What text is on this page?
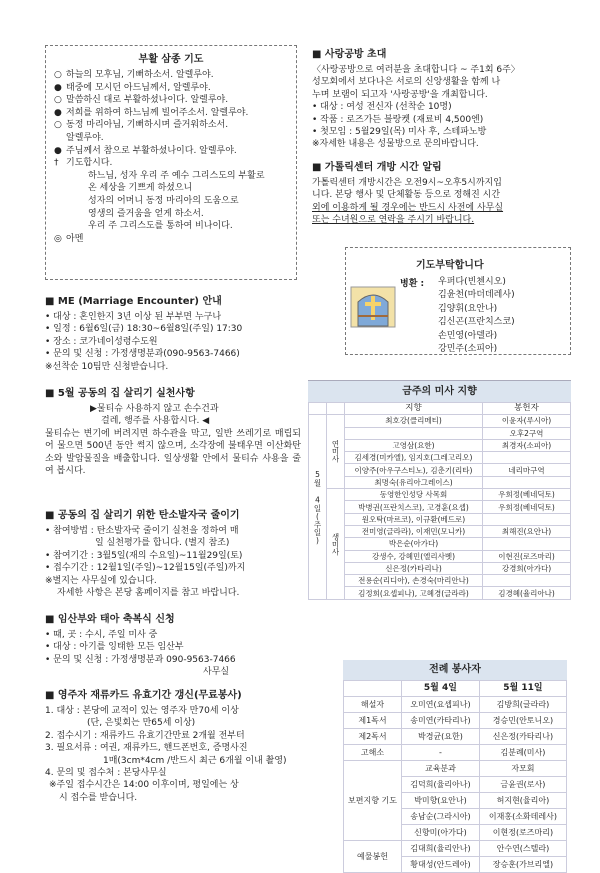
부활 삼종 기도
○ 하늘의 모후님, 기뻐하소서. 알렐루야.
● 태중에 모시던 아드님께서, 알렐루야.
○ 말씀하신 대로 부활하셨나이다. 알렐루야.
● 저희를 위하여 하느님께 빌어주소서. 알렐루야.
○ 동정 마리아님, 기뻐하시며 즐거워하소서.
알렐루야.
● 주님께서 참으로 부활하셨나이다. 알렐루야.
† 기도합시다.
하느님, 성자 우리 주 예수 그리스도의 부활로
온 세상을 기쁘게 하셨으니
성자의 어머니 동정 마리아의 도움으로
영생의 즐거움을 얻게 하소서.
우리 주 그리스도를 통하여 비나이다.
◎ 아멘
■ ME (Marriage Encounter) 안내
• 대상 : 혼인한지 3년 이상 된 부부면 누구나
• 일정 : 6월6일(금) 18:30~6월8일(주일) 17:30
• 장소 : 코가네이성령수도원
• 문의 및 신청 : 가정생명분과(090-9563-7466)
※선착순 10팀만 신청받습니다.
■ 5월 공동의 집 살리기 실천사항
▶물티슈 사용하지 않고 손수건과
걸레, 행주를 사용합시다. ◀
물티슈는 변기에 버려지면 하수관을 막고, 일반 쓰레기로 매립되어 물으면 500년 동안 썩지 않으며, 소각장에 불태우면 이산화탄소와 발암물질을 배출합니다. 일상생활 안에서 물티슈 사용을 줄여 봅시다.
■ 공동의 집 살리기 위한 탄소발자국 줄이기
• 참여방법 : 탄소발자국 줄이기 실천을 정하여 매
일 실천평가를 합니다. (별지 참조)
• 참여기간 : 3월5일(재의 수요일)~11월29일(토)
• 접수기간 : 12월1일(주일)~12월15일(주일)까지
※별지는 사무실에 있습니다.
자세한 사항은 본당 홈페이지를 참고 바랍니다.
■ 임산부와 태아 축복식 신청
• 때, 곳 : 수시, 주일 미사 중
• 대상 : 아기를 잉태한 모든 임산부
• 문의 및 신청 : 가정생명분과 090-9563-7466
사무실
■ 영주자 재류카드 유효기간 갱신(무료봉사)
1. 대상 : 본당에 교적이 있는 영주자 만70세 이상
(단, 은빛회는 만65세 이상)
2. 접수시기 : 재류카드 유효기간만료 2개월 전부터
3. 필요서류 : 여권, 재류카드, 핸드폰번호, 증명사진
1매(3cm*4cm /반드시 최근 6개월 이내 촬영)
4. 문의 및 접수처 : 본당사무실
※주일 접수시간은 14:00 이후이며, 평일에는 상
시 접수를 받습니다.
■ 사랑공방 초대
〈사랑공방으로 여러분을 초대합니다 ~ 주1회 6주〉
성모회에서 보다나은 서로의 신앙생활을 함께 나
누며 보램이 되고자 '사랑공방'을 개최합니다.
• 대상 : 여성 전신자 (선착순 10명)
• 작품 : 로즈가든 블랑켓 (재료비 4,500엔)
• 첫모임 : 5월29일(목) 미사 후, 스테파노방
※자세한 내용은 성물방으로 문의바랍니다.
■ 가톨릭센터 개방 시간 알림
가톨릭센터 개방시간은 오전9시~오후5시까지입
니다. 본당 행사 및 단체활동 등으로 정해진 시간
외에 이용하게 될 경우에는 반드시 사전에 사무실
또는 수녀원으로 연락을 주시기 바랍니다.
기도부탁합니다
병환 : 우퍼다(빈첸시오)
김윤천(마더데레사)
김양휘(요안나)
김신곤(프란치스코)
손민영(아델라)
강민주(소피아)
금주의 미사 지향
		지향	봉헌자
5월 4일(주일)	연미사	최호강(클리메티)	이윤자(루시아)
			오후2구역
		고영삼(요한)	최경자(소피아)
		김세경(미카엘), 임지호(그레고리오)	
		이양주(아우구스티노), 김춘기(리타)	네리마구역
		최명숙(유리아그레이스)	
	생미사	동영한인성당 사목회	우희정(베네딕토)
		박병권(프란치스코), 고경훈(요셉)	우희정(베네딕토)
		원오탁(마르코), 이규환(베드로)	
		전미영(글라라), 이재민(모니카)	최해진(요안나)
		박은순(아가다)	
		강생수, 강혜민(엘리사벳)	이현진(로즈마리)
		신은정(카타리나)	강경희(아가다)
		전용순(리디아), 손경숙(마리안나)	
		김정희(요셉피나), 고혜경(글라라)	김경혜(율리아나)
전례 봉사자
	5월 4일	5월 11일
해설자	오미연(요셉피나)	김방희(글라라)
제1독서	송미연(카타리나)	경승민(안토니오)
제2독서	박경균(요한)	신은정(카타리나)
고해소	-	김분례(미사)
보편지향 기도	교육분과	자모회
	김덕희(율리아나)	금윤권(로사)
	박미향(요안나)	허지현(율리아)
	송남순(그라시아)	이재홍(소화데레사)
	신향미(아가다)	이현정(로즈마리)
예물봉헌	김대희(율리안나)	안수연(스텔라)
	황대성(안드레아)	장승훈(가브리엘)
